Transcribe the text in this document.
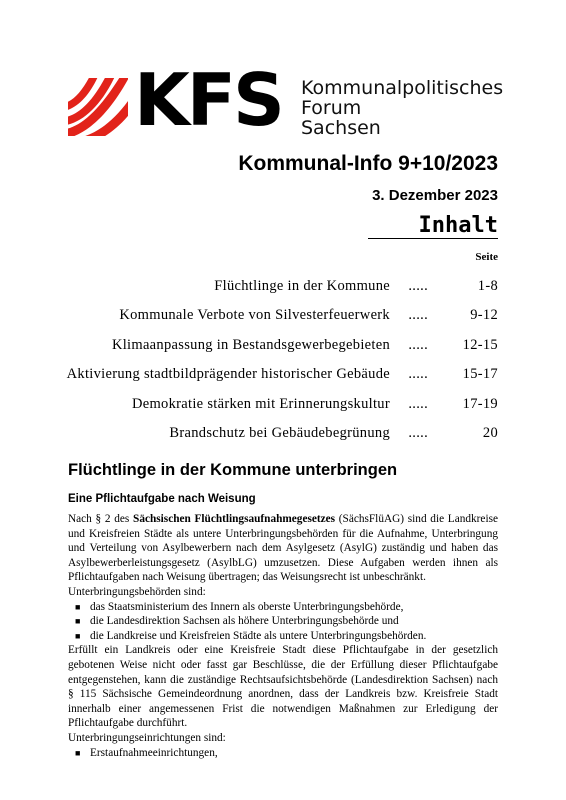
KFS Kommunalpolitisches
Forum
Sachsen
Kommunal-Info 9+10/2023
3. Dezember 2023
Inhalt
Seite
Flüchtlinge in der Kommune .....	1-8
Kommunale Verbote von Silvesterfeuerwerk .....	9-12
Klimaanpassung in Bestandsgewerbegebieten ..... 12-15
Aktivierung stadtbildprägender historischer Gebäude ..... 15-17
Demokratie stärken mit Erinnerungskultur ..... 17-19
Brandschutz bei Gebäudebegrünung .....	20
Flüchtlinge in der Kommune unterbringen
Eine Pflichtaufgabe nach Weisung

Nach § 2 des Sächsischen Flüchtlingsaufnahmegesetzes (SächsFlüAG) sind die Landkreise und Kreisfreien Städte als untere Unterbringungsbehörden für die Aufnahme, Unterbringung und Verteilung von Asylbewerbern nach dem Asylgesetz (AsylG) zuständig und haben das Asylbewerberleistungsgesetz (AsylbLG) umzusetzen. Diese Aufgaben werden ihnen als Pflichtaufgaben nach Weisung übertragen; das Weisungsrecht ist unbeschränkt.

Unterbringungsbehörden sind:

■ das Staatsministerium des Innern als oberste Unterbringungsbehörde,
■ die Landesdirektion Sachsen als höhere Unterbringungsbehörde und
■ die Landkreise und Kreisfreien Städte als untere Unterbringungsbehörden.

Erfüllt ein Landkreis oder eine Kreisfreie Stadt diese Pflichtaufgabe in der gesetzlich gebotenen Weise nicht oder fasst gar Beschlüsse, die der Erfüllung dieser Pflichtaufgabe entgegenstehen, kann die zuständige Rechtsaufsichtsbehörde (Landesdirektion Sachsen) nach § 115 Sächsische Gemeindeordnung anordnen, dass der Landkreis bzw. Kreisfreie Stadt innerhalb einer angemessenen Frist die notwendigen Maßnahmen zur Erledigung der Pflichtaufgabe durchführt.

Unterbringungseinrichtungen sind:

■ Erstaufnahmeeinrichtungen,
